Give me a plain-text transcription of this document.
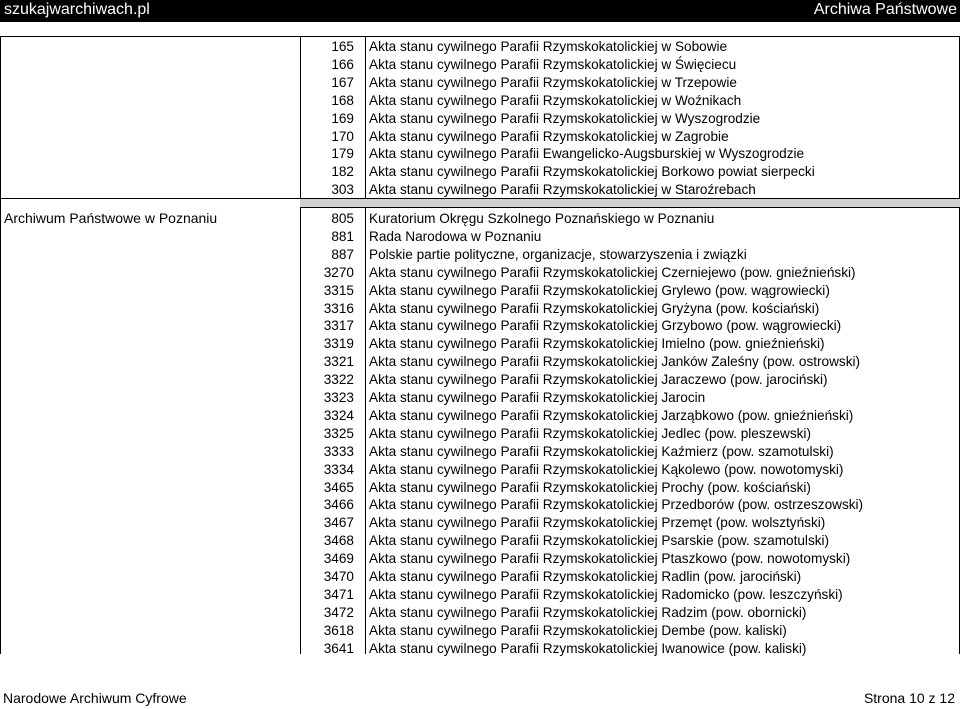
szukajwarchiwach.pl	Archiwa Państwowe
Archiwum Państwowe w Poznaniu
165 Akta stanu cywilnego Parafii Rzymskokatolickiej w Sobowie
166 Akta stanu cywilnego Parafii Rzymskokatolickiej w Święciecu
167 Akta stanu cywilnego Parafii Rzymskokatolickiej w Trzepowie
168 Akta stanu cywilnego Parafii Rzymskokatolickiej w Woźnikach
169 Akta stanu cywilnego Parafii Rzymskokatolickiej w Wyszogrodzie
170 Akta stanu cywilnego Parafii Rzymskokatolickiej w Zagrobie
179 Akta stanu cywilnego Parafii Ewangelicko-Augsburskiej w Wyszogrodzie
182 Akta stanu cywilnego Parafii Rzymskokatolickiej Borkowo powiat sierpecki
303 Akta stanu cywilnego Parafii Rzymskokatolickiej w Staroźrebach
805 Kuratorium Okręgu Szkolnego Poznańskiego w Poznaniu
881 Rada Narodowa w Poznaniu
887 Polskie partie polityczne, organizacje, stowarzyszenia i związki
3270 Akta stanu cywilnego Parafii Rzymskokatolickiej Czerniejewo (pow. gnieźnieński)
3315 Akta stanu cywilnego Parafii Rzymskokatolickiej Grylewo (pow. wągrowiecki)
3316 Akta stanu cywilnego Parafii Rzymskokatolickiej Gryżyna (pow. kościański)
3317 Akta stanu cywilnego Parafii Rzymskokatolickiej Grzybowo (pow. wągrowiecki)
3319 Akta stanu cywilnego Parafii Rzymskokatolickiej Imielno (pow. gnieźnieński)
3321 Akta stanu cywilnego Parafii Rzymskokatolickiej Janków Zaleśny (pow. ostrowski)
3322 Akta stanu cywilnego Parafii Rzymskokatolickiej Jaraczewo (pow. jarociński)
3323 Akta stanu cywilnego Parafii Rzymskokatolickiej Jarocin
3324 Akta stanu cywilnego Parafii Rzymskokatolickiej Jarząbkowo (pow. gnieźnieński)
3325 Akta stanu cywilnego Parafii Rzymskokatolickiej Jedlec (pow. pleszewski)
3333 Akta stanu cywilnego Parafii Rzymskokatolickiej Kaźmierz (pow. szamotulski)
3334 Akta stanu cywilnego Parafii Rzymskokatolickiej Kąkolewo (pow. nowotomyski)
3465 Akta stanu cywilnego Parafii Rzymskokatolickiej Prochy (pow. kościański)
3466 Akta stanu cywilnego Parafii Rzymskokatolickiej Przedborów (pow. ostrzeszowski)
3467 Akta stanu cywilnego Parafii Rzymskokatolickiej Przemęt (pow. wolsztyński)
3468 Akta stanu cywilnego Parafii Rzymskokatolickiej Psarskie (pow. szamotulski)
3469 Akta stanu cywilnego Parafii Rzymskokatolickiej Ptaszkowo (pow. nowotomyski)
3470 Akta stanu cywilnego Parafii Rzymskokatolickiej Radlin (pow. jarociński)
3471 Akta stanu cywilnego Parafii Rzymskokatolickiej Radomicko (pow. leszczyński)
3472 Akta stanu cywilnego Parafii Rzymskokatolickiej Radzim (pow. obornicki)
3618 Akta stanu cywilnego Parafii Rzymskokatolickiej Dembe (pow. kaliski)
3641 Akta stanu cywilnego Parafii Rzymskokatolickiej Iwanowice (pow. kaliski)
Narodowe Archiwum Cyfrowe	Strona 10 z 12
